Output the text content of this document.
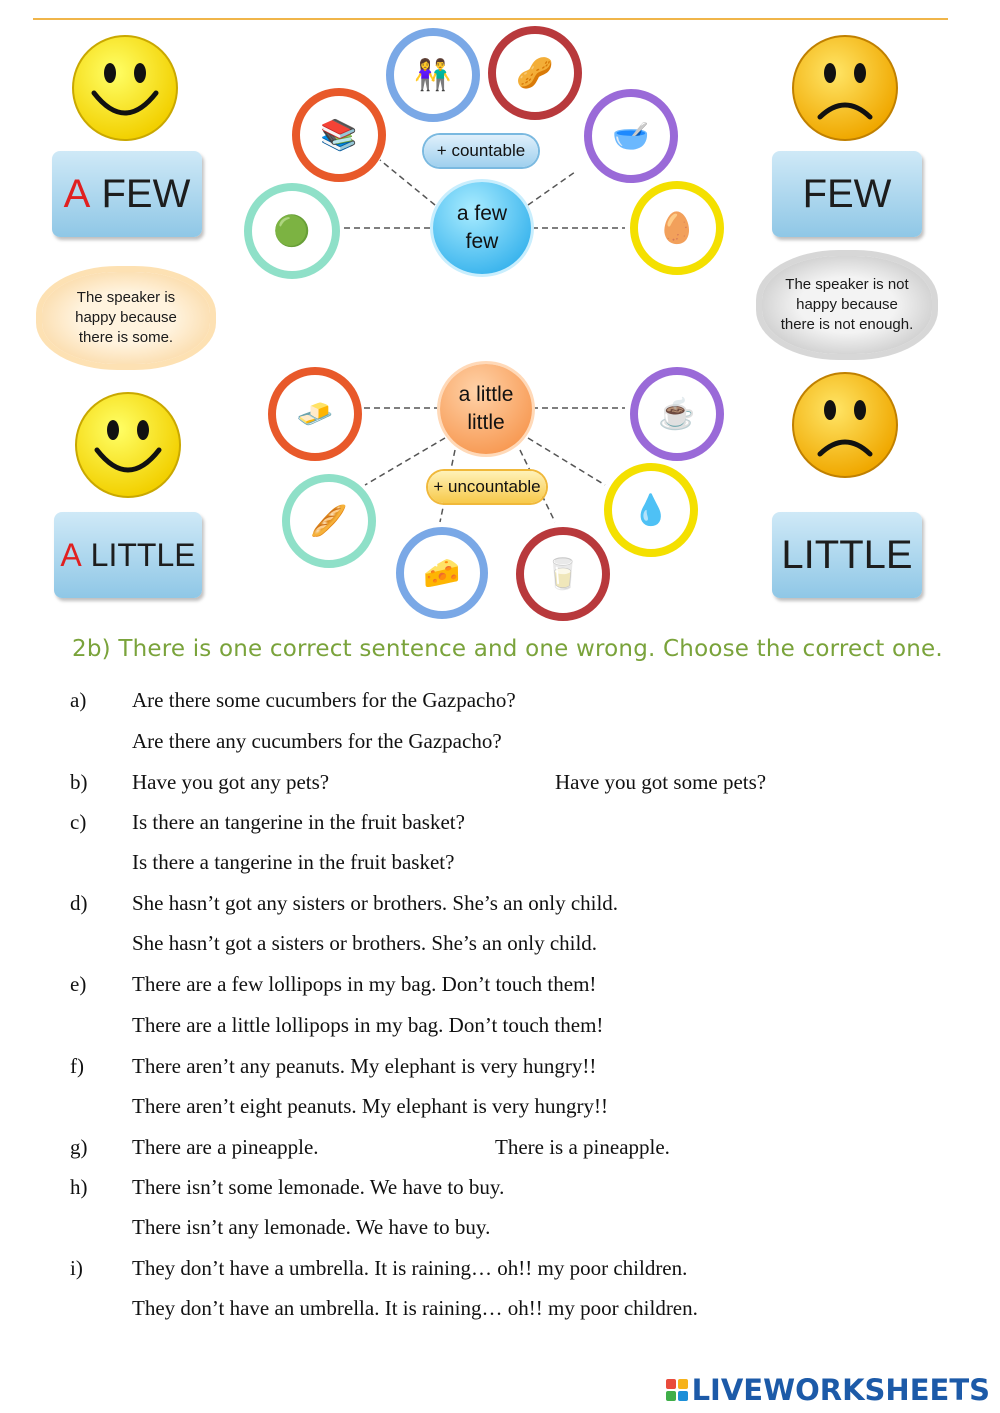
A FEW	FEW
A LITTLE	LITTLE
The speaker is happy because there is some.
The speaker is not happy because there is not enough.
👫	🥜
📚	🥣
🟢	🥚
+ countable
a few
few
🧈	☕
🥖	💧
🧀	🥛
a little
little
+ uncountable
2b) There is one correct sentence and one wrong. Choose the correct one.
a) Are there some cucumbers for the Gazpacho?
Are there any cucumbers for the Gazpacho?
b) Have you got any pets?	Have you got some pets?
c) Is there an tangerine in the fruit basket?
Is there a tangerine in the fruit basket?
d) She hasn’t got any sisters or brothers. She’s an only child.
She hasn’t got a sisters or brothers. She’s an only child.
e) There are a few lollipops in my bag. Don’t touch them!
There are a little lollipops in my bag. Don’t touch them!
f) There aren’t any peanuts. My elephant is very hungry!!
There aren’t eight peanuts. My elephant is very hungry!!
g) There are a pineapple.	There is a pineapple.
h) There isn’t some lemonade. We have to buy.
There isn’t any lemonade. We have to buy.
i) They don’t have a umbrella. It is raining… oh!! my poor children.
They don’t have an umbrella. It is raining… oh!! my poor children.
LIVEWORKSHEETS
